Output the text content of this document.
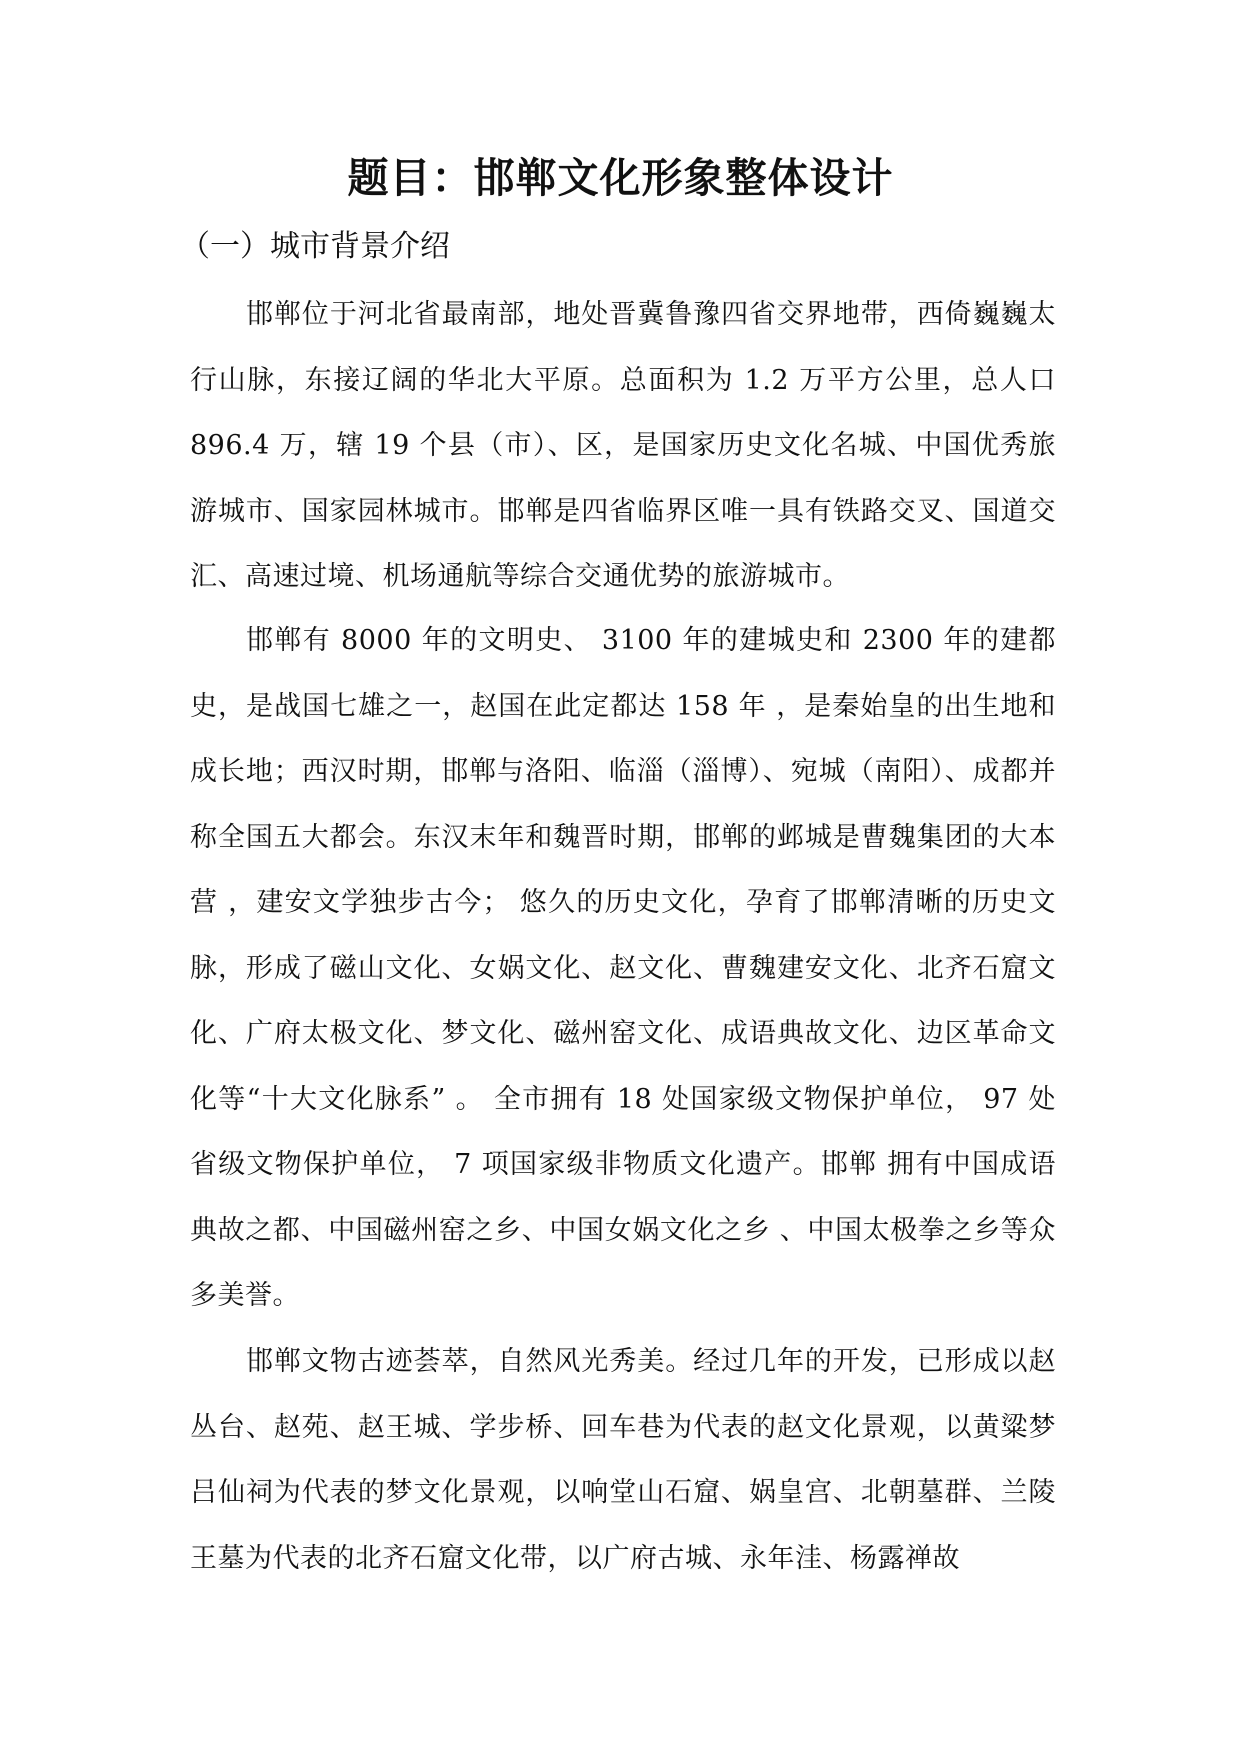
题目：邯郸文化形象整体设计
（一）城市背景介绍

邯郸位于河北省最南部，地处晋冀鲁豫四省交界地带，西倚巍巍太行山脉，东接辽阔的华北大平原。总面积为 1.2 万平方公里，总人口 896.4 万，辖 19 个县（市）、区，是国家历史文化名城、中国优秀旅游城市、国家园林城市。邯郸是四省临界区唯一具有铁路交叉、国道交汇、高速过境、机场通航等综合交通优势的旅游城市。

邯郸有 8000 年的文明史、 3100 年的建城史和 2300 年的建都史，是战国七雄之一，赵国在此定都达 158 年 ，是秦始皇的出生地和成长地；西汉时期，邯郸与洛阳、临淄（淄博）、宛城（南阳）、成都并称全国五大都会。东汉末年和魏晋时期，邯郸的邺城是曹魏集团的大本营 ，建安文学独步古今； 悠久的历史文化，孕育了邯郸清晰的历史文脉，形成了磁山文化、女娲文化、赵文化、曹魏建安文化、北齐石窟文化、广府太极文化、梦文化、磁州窑文化、成语典故文化、边区革命文化等“十大文化脉系” 。 全市拥有 18 处国家级文物保护单位， 97 处省级文物保护单位， 7 项国家级非物质文化遗产。邯郸 拥有中国成语典故之都、中国磁州窑之乡、中国女娲文化之乡 、中国太极拳之乡等众多美誉。

邯郸文物古迹荟萃，自然风光秀美。经过几年的开发，已形成以赵丛台、赵苑、赵王城、学步桥、回车巷为代表的赵文化景观，以黄粱梦吕仙祠为代表的梦文化景观，以响堂山石窟、娲皇宫、北朝墓群、兰陵王墓为代表的北齐石窟文化带，以广府古城、永年洼、杨露禅故
